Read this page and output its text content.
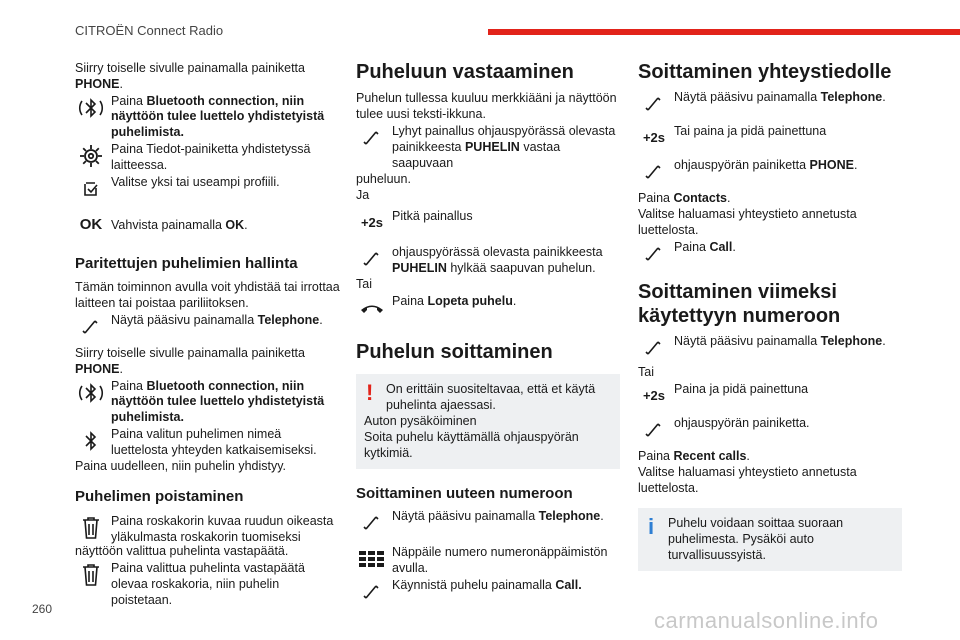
CITROËN Connect Radio

Siirry toiselle sivulle painamalla painiketta
PHONE.

Paina Bluetooth connection, niin

näyttöön tulee luettelo yhdistetyistä puhelimista.

Paina Tiedot-painiketta yhdistetyssä laitteessa.
Valitse yksi tai useampi profiili.
OK Vahvista painamalla OK.
Paritettujen puhelimien hallinta

Tämän toiminnon avulla voit yhdistää tai irrottaa laitteen tai poistaa pariliitoksen.

Näytä pääsivu painamalla Telephone.

Siirry toiselle sivulle painamalla painiketta
PHONE.

Paina Bluetooth connection, niin

näyttöön tulee luettelo yhdistetyistä puhelimista.

Paina valitun puhelimen nimeä luettelosta yhteyden katkaisemiseksi.

Paina uudelleen, niin puhelin yhdistyy.

Puhelimen poistaminen
Paina roskakorin kuvaa ruudun oikeasta yläkulmasta roskakorin tuomiseksi

näyttöön valittua puhelinta vastapäätä.

Paina valittua puhelinta vastapäätä olevaa roskakoria, niin puhelin poistetaan.
Puheluun vastaaminen

Puhelun tullessa kuuluu merkkiääni ja näyttöön tulee uusi teksti-ikkuna.

Lyhyt painallus ohjauspyörässä olevasta painikkeesta PUHELIN vastaa saapuvaan

puheluun.

Ja

+2s Pitkä painallus
ohjauspyörässä olevasta painikkeesta PUHELIN hylkää saapuvan puhelun.

Tai

Paina Lopeta puhelu.
Puhelun soittaminen
!	On erittäin suositeltavaa, että et käytä puhelinta ajaessasi.

Auton pysäköiminen

Soita puhelu käyttämällä ohjauspyörän kytkimiä.

Soittaminen uuteen numeroon
Näytä pääsivu painamalla Telephone.
Näppäile numero numeronäppäimistön avulla.
Käynnistä puhelu painamalla Call.
Soittaminen yhteystiedolle
Näytä pääsivu painamalla Telephone.
+2s Tai paina ja pidä painettuna
ohjauspyörän painiketta PHONE.

Paina Contacts.

Valitse haluamasi yhteystieto annetusta luettelosta.

Paina Call.
Soittaminen viimeksi käytettyyn numeroon
Näytä pääsivu painamalla Telephone.

Tai

+2s Paina ja pidä painettuna
ohjauspyörän painiketta.

Paina Recent calls.

Valitse haluamasi yhteystieto annetusta luettelosta.

i	Puhelu voidaan soittaa suoraan puhelimesta. Pysäköi auto turvallisuussyistä.

260	carmanualsonline.info
